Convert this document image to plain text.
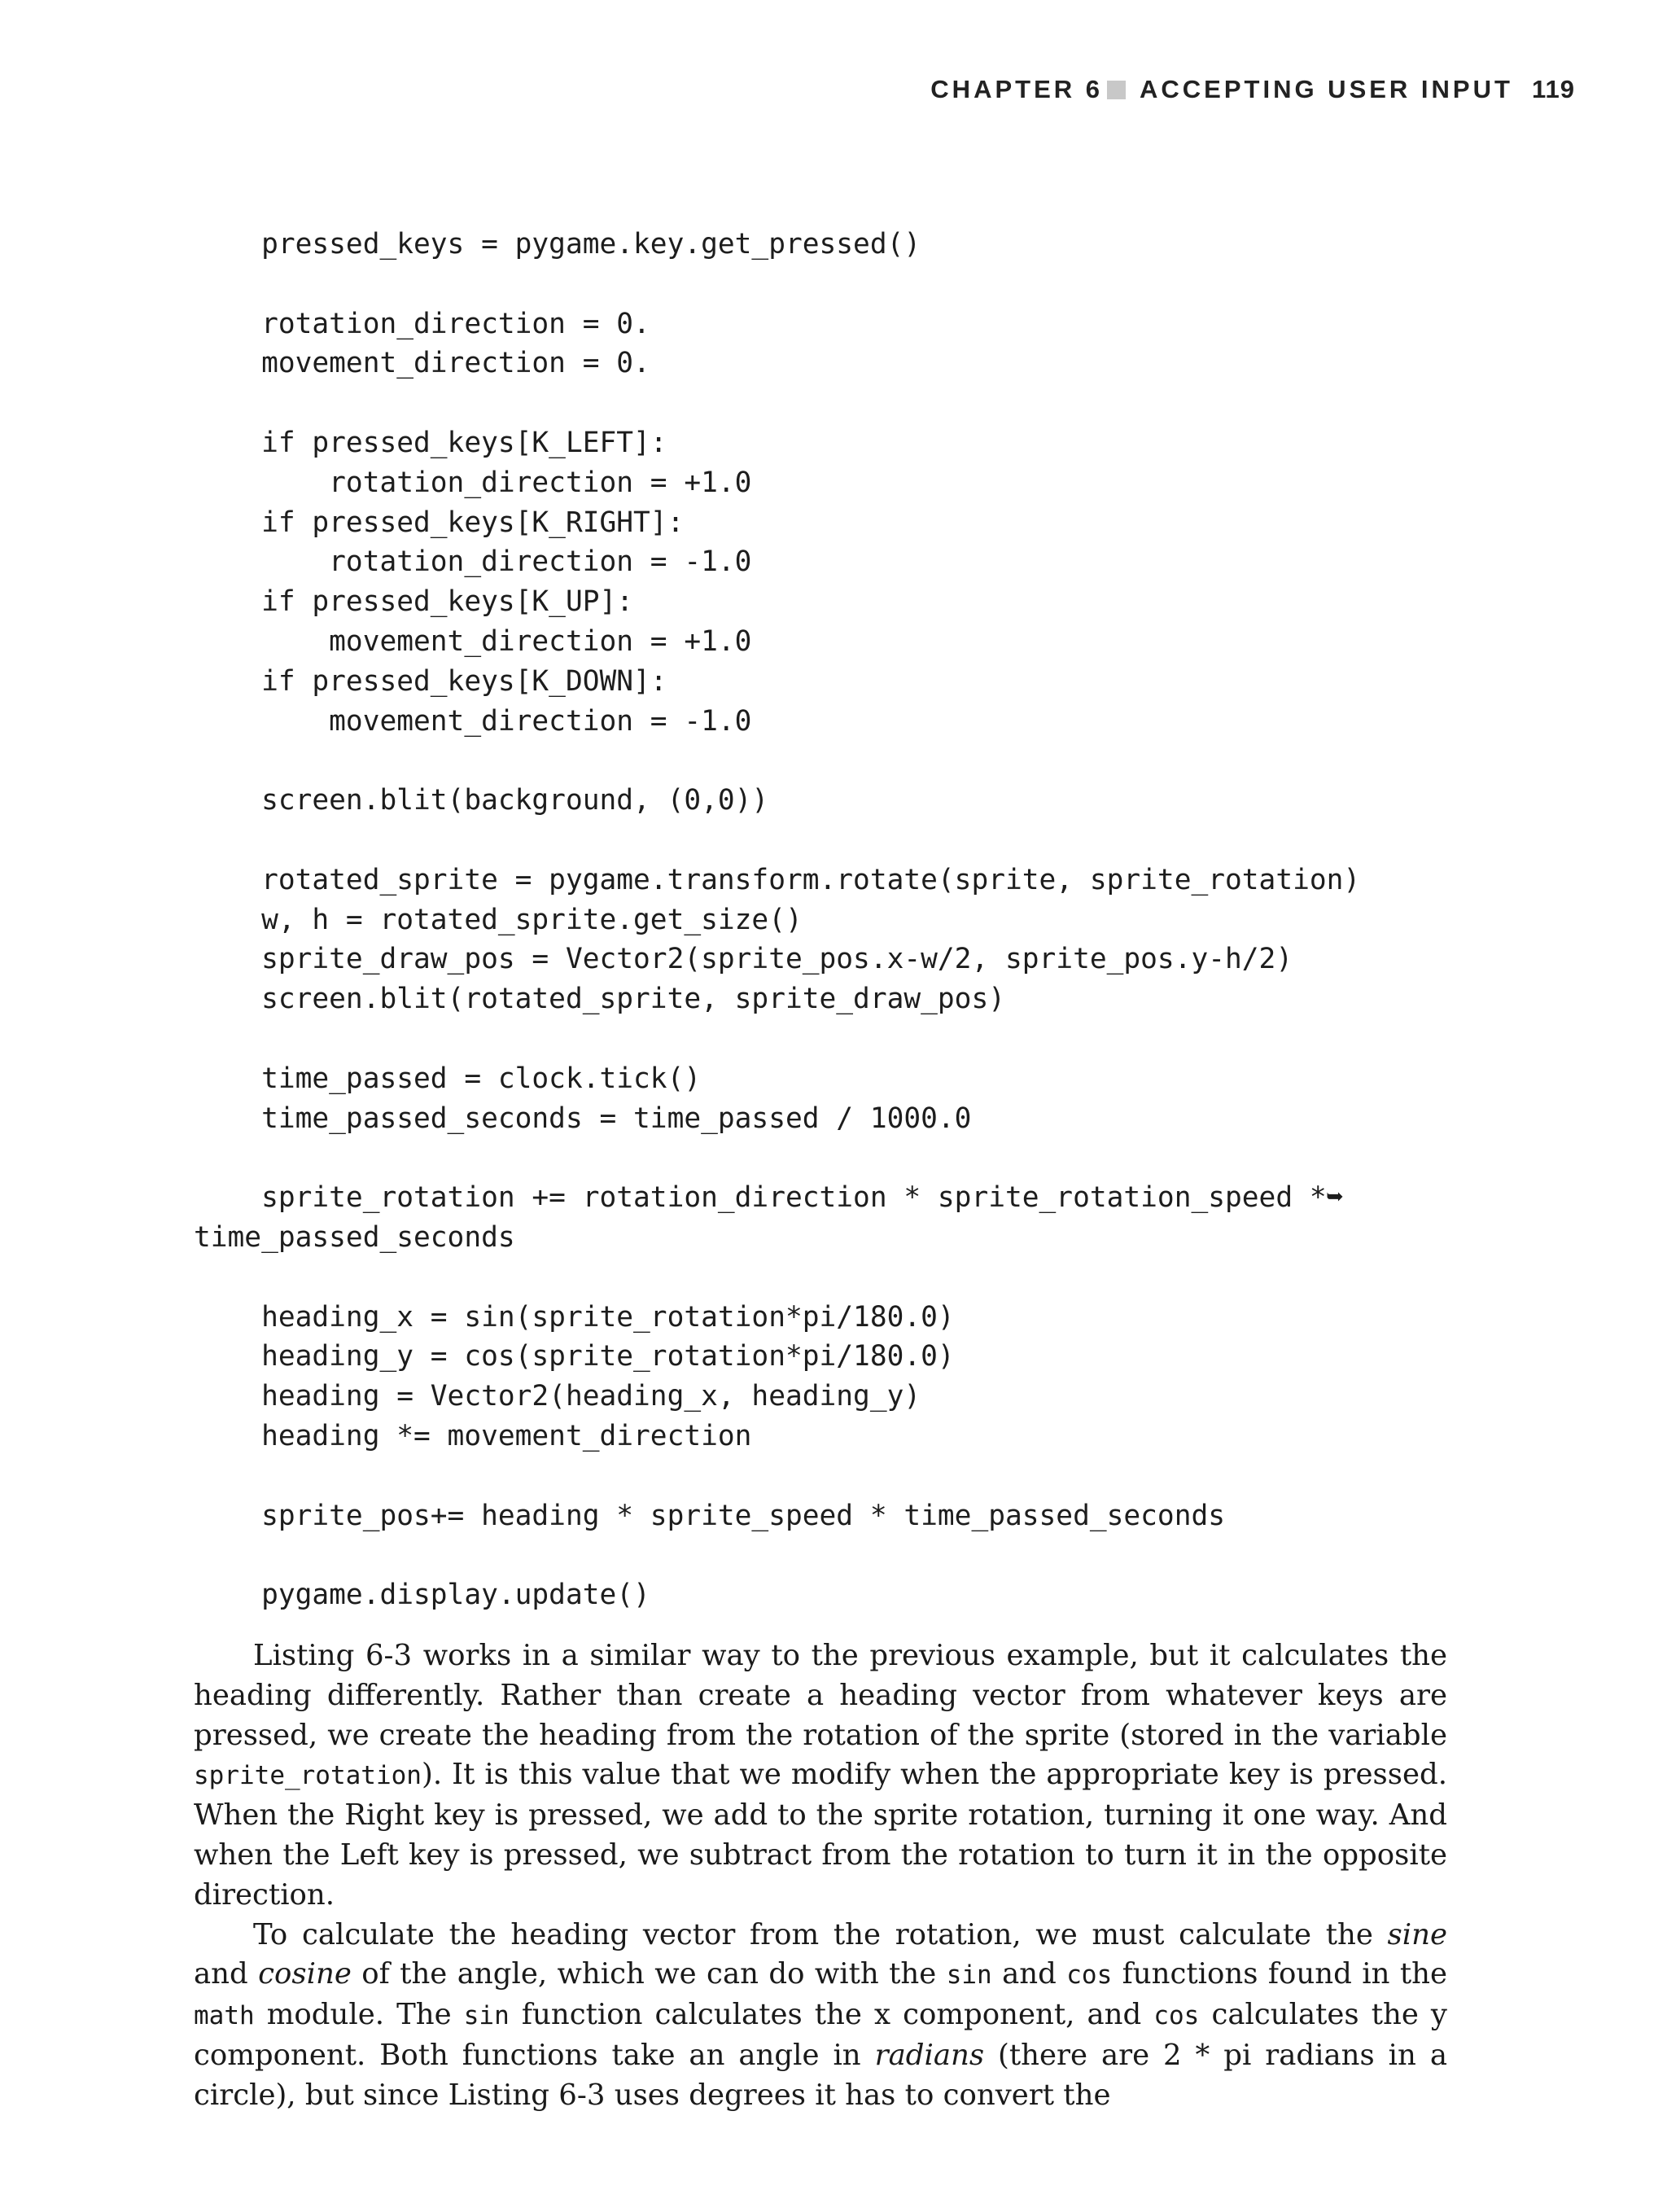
CHAPTER 6 ACCEPTING USER INPUT 119
pressed_keys = pygame.key.get_pressed()
rotation_direction = 0.
movement_direction = 0.
if pressed_keys[K_LEFT]:
rotation_direction = +1.0
if pressed_keys[K_RIGHT]:
rotation_direction = -1.0
if pressed_keys[K_UP]:
movement_direction = +1.0
if pressed_keys[K_DOWN]:
movement_direction = -1.0
screen.blit(background, (0,0))
rotated_sprite = pygame.transform.rotate(sprite, sprite_rotation)
w, h = rotated_sprite.get_size()
sprite_draw_pos = Vector2(sprite_pos.x-w/2, sprite_pos.y-h/2)
screen.blit(rotated_sprite, sprite_draw_pos)
time_passed = clock.tick()
time_passed_seconds = time_passed / 1000.0
sprite_rotation += rotation_direction * sprite_rotation_speed *➥
time_passed_seconds
heading_x = sin(sprite_rotation*pi/180.0)
heading_y = cos(sprite_rotation*pi/180.0)
heading = Vector2(heading_x, heading_y)
heading *= movement_direction
sprite_pos+= heading * sprite_speed * time_passed_seconds
pygame.display.update()

Listing 6-3 works in a similar way to the previous example, but it calculates the heading differently. Rather than create a heading vector from whatever keys are pressed, we create the heading from the rotation of the sprite (stored in the variable sprite_rotation). It is this value that we modify when the appropriate key is pressed. When the Right key is pressed, we add to the sprite rotation, turning it one way. And when the Left key is pressed, we subtract from the rotation to turn it in the opposite direction.

To calculate the heading vector from the rotation, we must calculate the sine and cosine of the angle, which we can do with the sin and cos functions found in the math module. The sin function calculates the x component, and cos calculates the y component. Both functions take an angle in radians (there are 2 * pi radians in a circle), but since Listing 6-3 uses degrees it has to convert the
